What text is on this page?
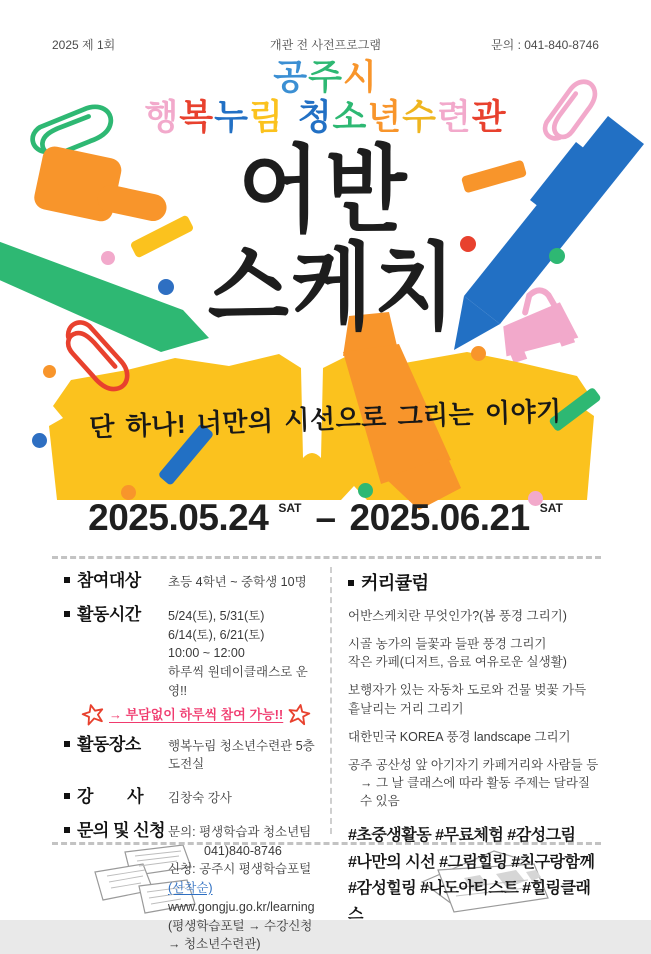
2025 제 1회	개관 전 사전프로그램	문의 : 041-840-8746
공주시
행복누림 청소년수련관
어반
스케치
단 하나! 너만의 시선으로 그리는 이야기
2025.05.24 SAT – 2025.06.21 SAT
참여대상 초등 4학년 ~ 중학생 10명
활동시간 5/24(토), 5/31(토)
6/14(토), 6/21(토)
10:00 ~ 12:00
하루씩 원데이클래스로 운영!!
→ 부담없이 하루씩 참여 가능!!
활동장소 행복누림 청소년수련관 5층 도전실
강 사 김창숙 강사
문의 및 신청 문의: 평생학습과 청소년팀
041)840-8746
신청: 공주시 평생학습포털(선착순)
www.gongju.go.kr/learning
(평생학습포털 → 수강신청
→ 청소년수련관)
커리큘럼
어반스케치란 무엇인가?(봄 풍경 그리기)
시골 농가의 들꽃과 들판 풍경 그리기
작은 카페(디저트, 음료 여유로운 실생활)
보행자가 있는 자동차 도로와 건물 벚꽃 가득 흩날리는 거리 그리기
대한민국 KOREA 풍경 landscape 그리기
공주 공산성 앞 아기자기 카페거리와 사람들 등
→ 그 날 클래스에 따라 활동 주제는 달라질 수 있음
#초중생활동 #무료체험 #감성그림
#나만의 시선 #그림힐링 #친구랑함께
#감성힐링 #나도아티스트 #힐링클래스
